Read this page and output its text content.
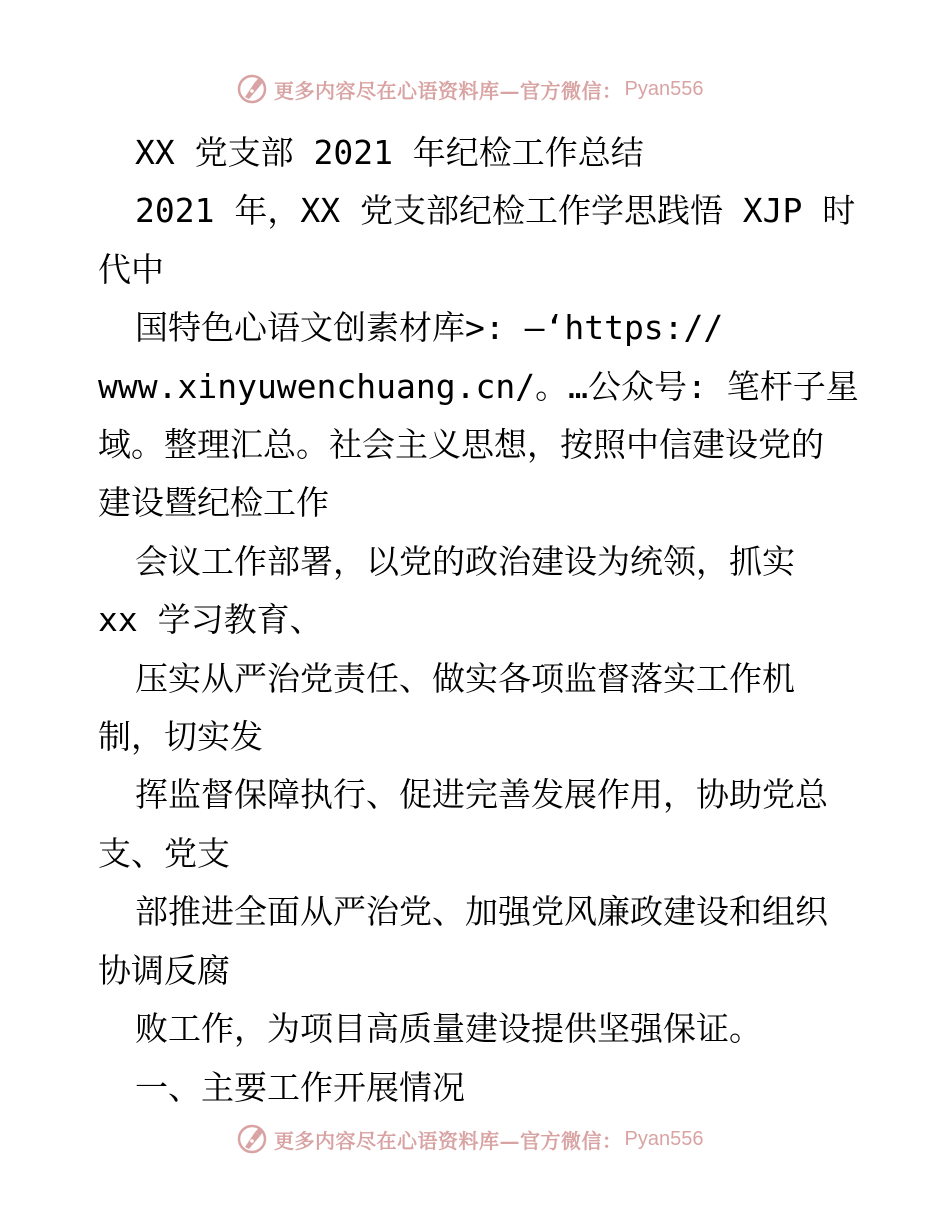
更多内容尽在心语资料库—官方微信： Pyan556

XX 党支部 2021 年纪检工作总结

2021 年，XX 党支部纪检工作学思践悟 XJP 时

代中

国特色心语文创素材库>: —‘https://

www.xinyuwenchuang.cn/。…公众号: 笔杆子星

域。整理汇总。社会主义思想，按照中信建设党的

建设暨纪检工作

会议工作部署，以党的政治建设为统领，抓实

xx 学习教育、

压实从严治党责任、做实各项监督落实工作机

制，切实发

挥监督保障执行、促进完善发展作用，协助党总

支、党支

部推进全面从严治党、加强党风廉政建设和组织

协调反腐

败工作，为项目高质量建设提供坚强保证。

一、主要工作开展情况

更多内容尽在心语资料库—官方微信： Pyan556
